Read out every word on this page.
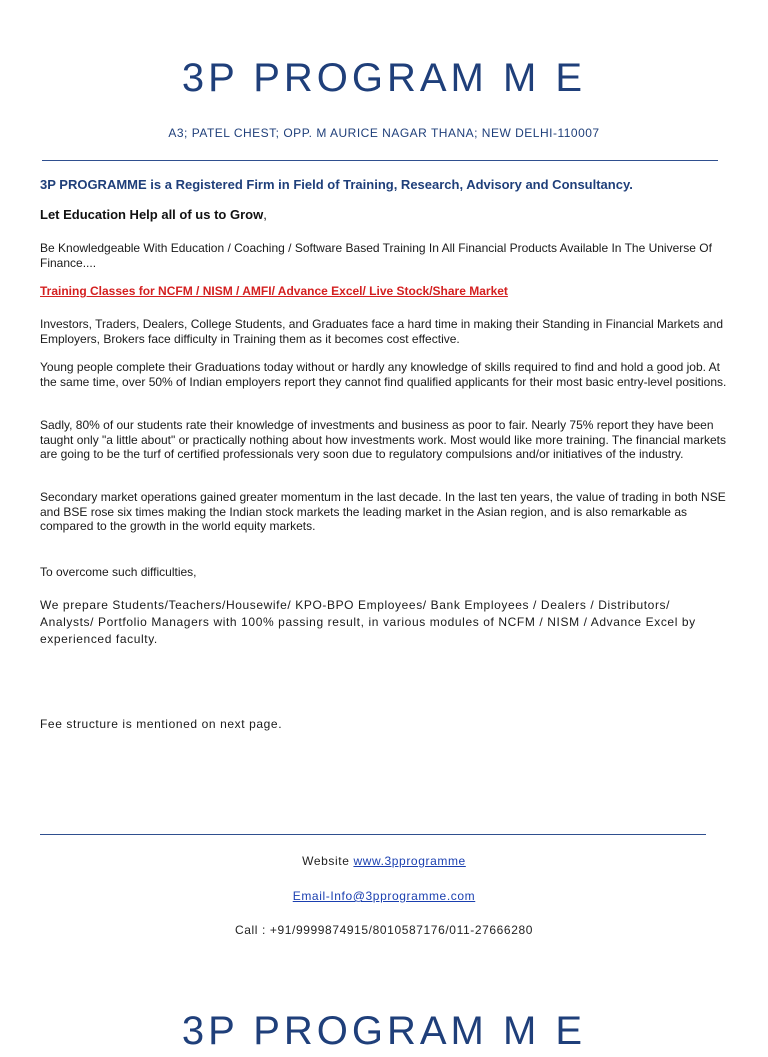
3P PROGRAM M E
A3; PATEL CHEST; OPP. M AURICE NAGAR THANA; NEW DELHI-110007

3P PROGRAMME is a Registered Firm in Field of Training, Research, Advisory and Consultancy.

Let Education Help all of us to Grow,

Be Knowledgeable With Education / Coaching / Software Based Training In All Financial Products Available In The Universe Of Finance....

Training Classes for NCFM / NISM / AMFI/ Advance Excel/ Live Stock/Share Market

Investors, Traders, Dealers, College Students, and Graduates face a hard time in making their Standing in Financial Markets and Employers, Brokers face difficulty in Training them as it becomes cost effective.

Young people complete their Graduations today without or hardly any knowledge of skills required to find and hold a good job. At the same time, over 50% of Indian employers report they cannot find qualified applicants for their most basic entry-level positions.

Sadly, 80% of our students rate their knowledge of investments and business as poor to fair. Nearly 75% report they have been taught only "a little about" or practically nothing about how investments work. Most would like more training. The financial markets are going to be the turf of certified professionals very soon due to regulatory compulsions and/or initiatives of the industry.

Secondary market operations gained greater momentum in the last decade. In the last ten years, the value of trading in both NSE and BSE rose six times making the Indian stock markets the leading market in the Asian region, and is also remarkable as compared to the growth in the world equity markets.

To overcome such difficulties,

We prepare Students/Teachers/Housewife/ KPO-BPO Employees/ Bank Employees / Dealers / Distributors/ Analysts/ Portfolio Managers with 100% passing result, in various modules of NCFM / NISM / Advance Excel by experienced faculty.

Fee structure is mentioned on next page.

Website www.3pprogramme
Email-Info@3pprogramme.com
Call : +91/9999874915/8010587176/011-27666280
3P PROGRAM M E
